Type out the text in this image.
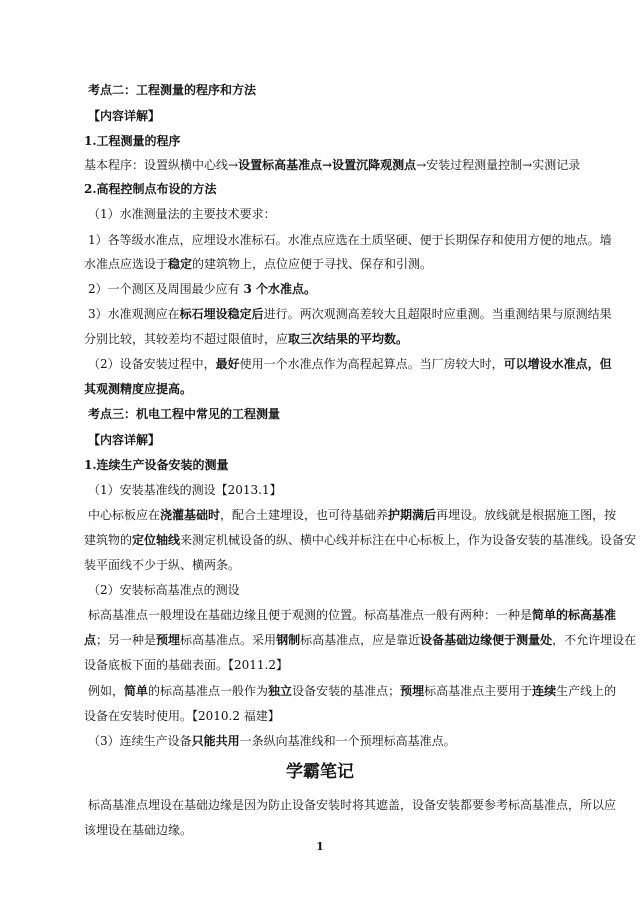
考点二：工程测量的程序和方法
【内容详解】
1.工程测量的程序
基本程序：设置纵横中心线→设置标高基准点→设置沉降观测点→安装过程测量控制→实测记录
2.高程控制点布设的方法
（1）水准测量法的主要技术要求：
1）各等级水准点，应埋设水准标石。水准点应选在土质坚硬、便于长期保存和使用方便的地点。墙
水准点应选设于稳定的建筑物上，点位应便于寻找、保存和引测。
2）一个测区及周围最少应有 3 个水准点。
3）水准观测应在标石埋设稳定后进行。两次观测高差较大且超限时应重测。当重测结果与原测结果
分别比较，其较差均不超过限值时，应取三次结果的平均数。
（2）设备安装过程中，最好使用一个水准点作为高程起算点。当厂房较大时，可以增设水准点，但
其观测精度应提高。
考点三：机电工程中常见的工程测量
【内容详解】
1.连续生产设备安装的测量
（1）安装基准线的测设【2013.1】
中心标板应在浇灌基础时，配合土建埋设，也可待基础养护期满后再埋设。放线就是根据施工图，按
建筑物的定位轴线来测定机械设备的纵、横中心线并标注在中心标板上，作为设备安装的基准线。设备安
装平面线不少于纵、横两条。
（2）安装标高基准点的测设
标高基准点一般埋设在基础边缘且便于观测的位置。标高基准点一般有两种：一种是简单的标高基准
点；另一种是预埋标高基准点。采用钢制标高基准点，应是靠近设备基础边缘便于测量处，不允许埋设在
设备底板下面的基础表面。【2011.2】
例如，简单的标高基准点一般作为独立设备安装的基准点；预埋标高基准点主要用于连续生产线上的
设备在安装时使用。【2010.2 福建】
（3）连续生产设备只能共用一条纵向基准线和一个预埋标高基准点。
学霸笔记
标高基准点埋设在基础边缘是因为防止设备安装时将其遮盖，设备安装都要参考标高基准点，所以应
该埋设在基础边缘。
1
